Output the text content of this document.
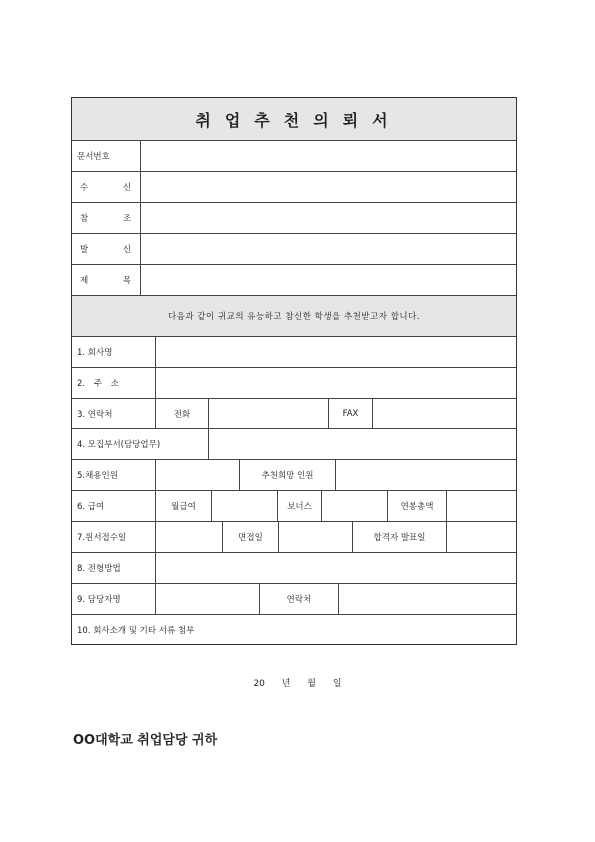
취업추천의뢰서
문서번호
수 신
참 조
발 신
제 목
다음과 같이 귀교의 유능하고 참신한 학생을 추천받고자 합니다.
1. 회사명
2. 주 소
3. 연락처	전화	FAX
4. 모집부서(담당업무)
5.채용인원	추천희망 인원
6. 급여	월급여	보너스	연봉총액
7.원서접수일	면접일	합격자 발표일
8. 전형방법
9. 담당자명	연락처
10. 회사소개 및 기타 서류 첨부
20 년 월 일
OO대학교 취업담당 귀하
